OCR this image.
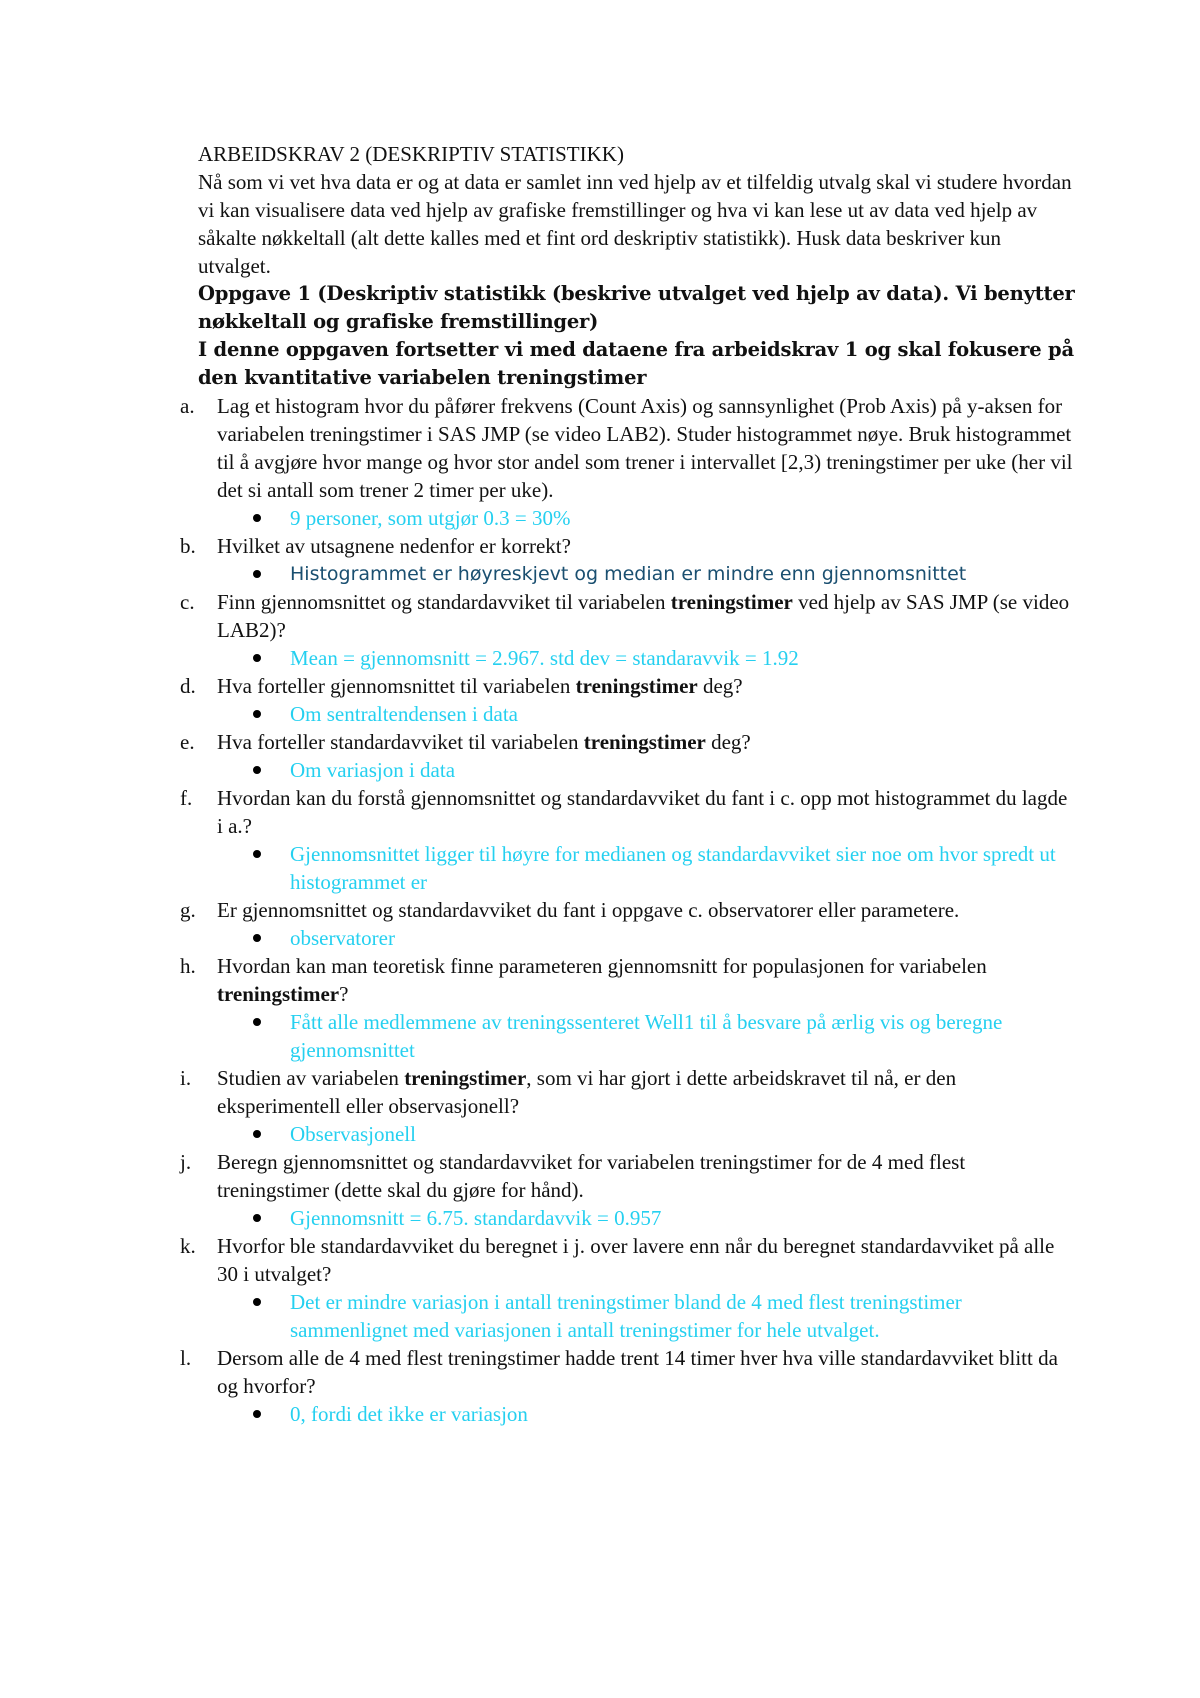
ARBEIDSKRAV 2 (DESKRIPTIV STATISTIKK)

Nå som vi vet hva data er og at data er samlet inn ved hjelp av et tilfeldig utvalg skal vi studere hvordan vi kan visualisere data ved hjelp av grafiske fremstillinger og hva vi kan lese ut av data ved hjelp av såkalte nøkkeltall (alt dette kalles med et fint ord deskriptiv statistikk). Husk data beskriver kun utvalget.

Oppgave 1 (Deskriptiv statistikk (beskrive utvalget ved hjelp av data). Vi benytter nøkkeltall og grafiske fremstillinger)

I denne oppgaven fortsetter vi med dataene fra arbeidskrav 1 og skal fokusere på den kvantitative variabelen treningstimer

a. Lag et histogram hvor du påfører frekvens (Count Axis) og sannsynlighet (Prob Axis) på y-aksen for variabelen treningstimer i SAS JMP (se video LAB2). Studer histogrammet nøye. Bruk histogrammet til å avgjøre hvor mange og hvor stor andel som trener i intervallet [2,3) treningstimer per uke (her vil det si antall som trener 2 timer per uke).
9 personer, som utgjør 0.3 = 30%
b. Hvilket av utsagnene nedenfor er korrekt?
Histogrammet er høyreskjevt og median er mindre enn gjennomsnittet
c. Finn gjennomsnittet og standardavviket til variabelen treningstimer ved hjelp av SAS JMP (se video LAB2)?
Mean = gjennomsnitt = 2.967. std dev = standaravvik = 1.92
d. Hva forteller gjennomsnittet til variabelen treningstimer deg?
Om sentraltendensen i data
e. Hva forteller standardavviket til variabelen treningstimer deg?
Om variasjon i data
f. Hvordan kan du forstå gjennomsnittet og standardavviket du fant i c. opp mot histogrammet du lagde i a.?
Gjennomsnittet ligger til høyre for medianen og standardavviket sier noe om hvor spredt ut histogrammet er
g. Er gjennomsnittet og standardavviket du fant i oppgave c. observatorer eller parametere.
observatorer
h. Hvordan kan man teoretisk finne parameteren gjennomsnitt for populasjonen for variabelen treningstimer?
Fått alle medlemmene av treningssenteret Well1 til å besvare på ærlig vis og beregne gjennomsnittet
i. Studien av variabelen treningstimer, som vi har gjort i dette arbeidskravet til nå, er den eksperimentell eller observasjonell?
Observasjonell
j. Beregn gjennomsnittet og standardavviket for variabelen treningstimer for de 4 med flest treningstimer (dette skal du gjøre for hånd).
Gjennomsnitt = 6.75. standardavvik = 0.957
k. Hvorfor ble standardavviket du beregnet i j. over lavere enn når du beregnet standardavviket på alle 30 i utvalget?
Det er mindre variasjon i antall treningstimer bland de 4 med flest treningstimer sammenlignet med variasjonen i antall treningstimer for hele utvalget.
l. Dersom alle de 4 med flest treningstimer hadde trent 14 timer hver hva ville standardavviket blitt da og hvorfor?
0, fordi det ikke er variasjon
